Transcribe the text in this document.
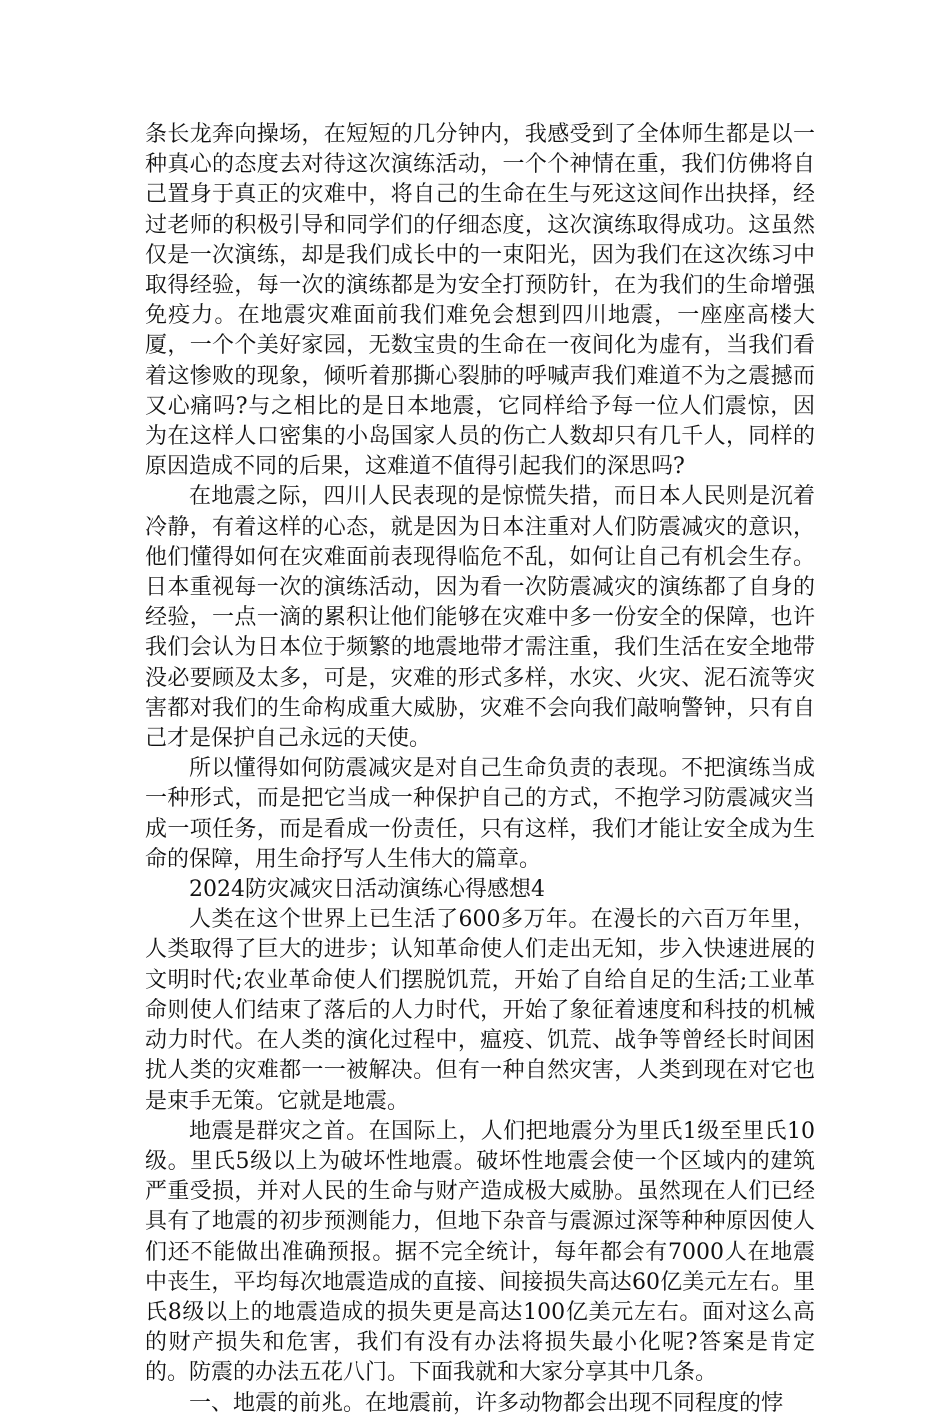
条长龙奔向操场，在短短的几分钟内，我感受到了全体师生都是以一种真心的态度去对待这次演练活动，一个个神情在重，我们仿佛将自己置身于真正的灾难中，将自己的生命在生与死这这间作出抉择，经过老师的积极引导和同学们的仔细态度，这次演练取得成功。这虽然仅是一次演练，却是我们成长中的一束阳光，因为我们在这次练习中取得经验，每一次的演练都是为安全打预防针，在为我们的生命增强免疫力。在地震灾难面前我们难免会想到四川地震，一座座高楼大厦，一个个美好家园，无数宝贵的生命在一夜间化为虚有，当我们看着这惨败的现象，倾听着那撕心裂肺的呼喊声我们难道不为之震撼而又心痛吗?与之相比的是日本地震，它同样给予每一位人们震惊，因为在这样人口密集的小岛国家人员的伤亡人数却只有几千人，同样的原因造成不同的后果，这难道不值得引起我们的深思吗?

在地震之际，四川人民表现的是惊慌失措，而日本人民则是沉着冷静，有着这样的心态，就是因为日本注重对人们防震减灾的意识，他们懂得如何在灾难面前表现得临危不乱，如何让自己有机会生存。日本重视每一次的演练活动，因为看一次防震减灾的演练都了自身的经验，一点一滴的累积让他们能够在灾难中多一份安全的保障，也许我们会认为日本位于频繁的地震地带才需注重，我们生活在安全地带没必要顾及太多，可是，灾难的形式多样，水灾、火灾、泥石流等灾害都对我们的生命构成重大威胁，灾难不会向我们敲响警钟，只有自己才是保护自己永远的天使。

所以懂得如何防震减灾是对自己生命负责的表现。不把演练当成一种形式，而是把它当成一种保护自己的方式，不抱学习防震减灾当成一项任务，而是看成一份责任，只有这样，我们才能让安全成为生命的保障，用生命抒写人生伟大的篇章。

2024防灾减灾日活动演练心得感想4

人类在这个世界上已生活了600多万年。在漫长的六百万年里，人类取得了巨大的进步；认知革命使人们走出无知，步入快速进展的文明时代;农业革命使人们摆脱饥荒，开始了自给自足的生活;工业革命则使人们结束了落后的人力时代，开始了象征着速度和科技的机械动力时代。在人类的演化过程中，瘟疫、饥荒、战争等曾经长时间困扰人类的灾难都一一被解决。但有一种自然灾害，人类到现在对它也是束手无策。它就是地震。

地震是群灾之首。在国际上，人们把地震分为里氏1级至里氏10级。里氏5级以上为破坏性地震。破坏性地震会使一个区域内的建筑严重受损，并对人民的生命与财产造成极大威胁。虽然现在人们已经具有了地震的初步预测能力，但地下杂音与震源过深等种种原因使人们还不能做出准确预报。据不完全统计，每年都会有7000人在地震中丧生，平均每次地震造成的直接、间接损失高达60亿美元左右。里氏8级以上的地震造成的损失更是高达100亿美元左右。面对这么高的财产损失和危害，我们有没有办法将损失最小化呢?答案是肯定的。防震的办法五花八门。下面我就和大家分享其中几条。

一、地震的前兆。在地震前，许多动物都会出现不同程度的悖
